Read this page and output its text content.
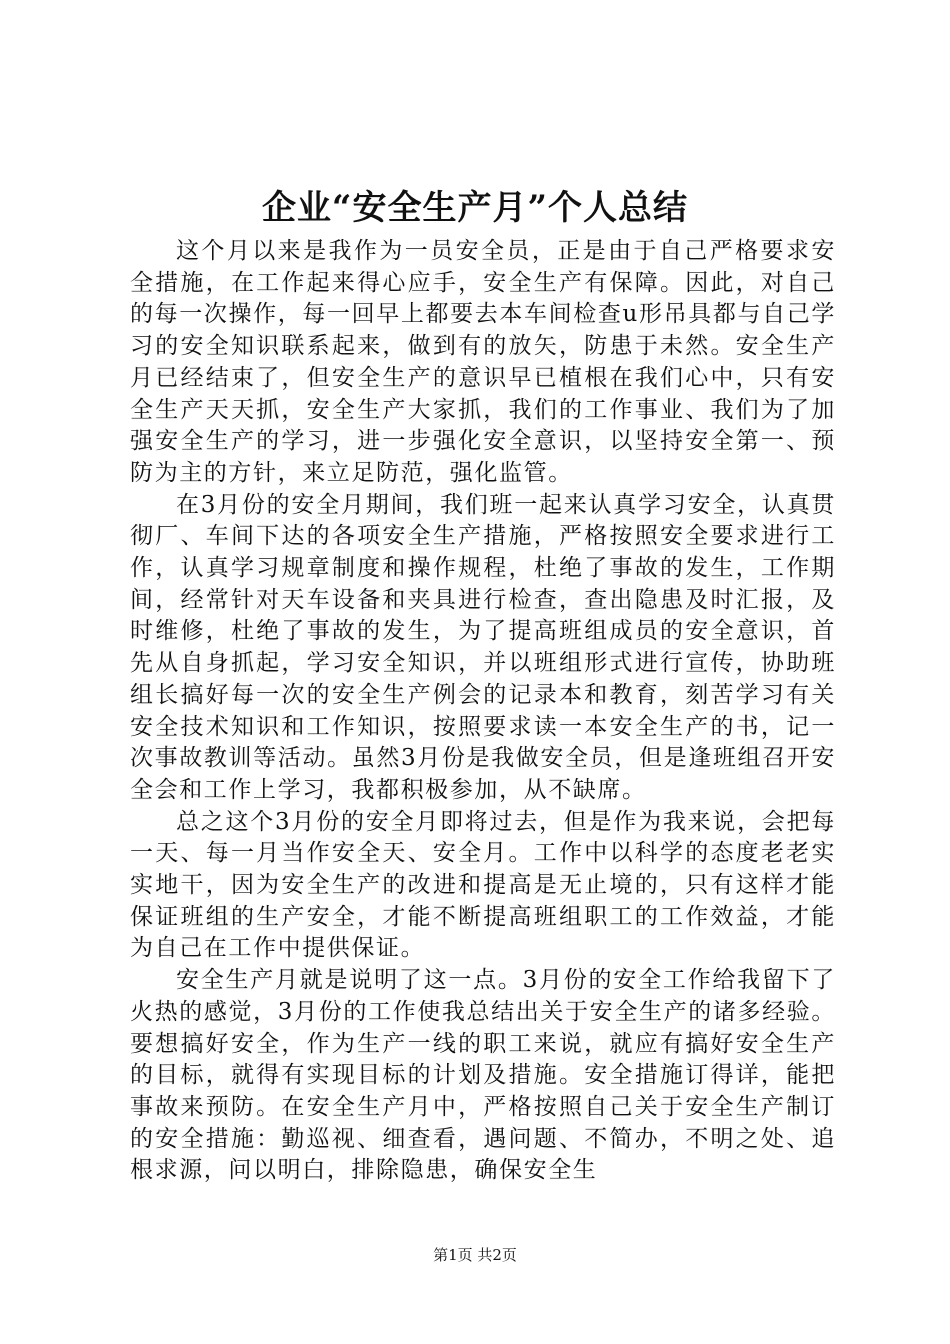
企业“安全生产月”个人总结

这个月以来是我作为一员安全员，正是由于自己严格要求安全措施，在工作起来得心应手，安全生产有保障。因此，对自己的每一次操作，每一回早上都要去本车间检查u形吊具都与自己学习的安全知识联系起来，做到有的放矢，防患于未然。安全生产月已经结束了，但安全生产的意识早已植根在我们心中，只有安全生产天天抓，安全生产大家抓，我们的工作事业、我们为了加强安全生产的学习，进一步强化安全意识，以坚持安全第一、预防为主的方针，来立足防范，强化监管。

在3月份的安全月期间，我们班一起来认真学习安全，认真贯彻厂、车间下达的各项安全生产措施，严格按照安全要求进行工作，认真学习规章制度和操作规程，杜绝了事故的发生，工作期间，经常针对天车设备和夹具进行检查，查出隐患及时汇报，及时维修，杜绝了事故的发生，为了提高班组成员的安全意识，首先从自身抓起，学习安全知识，并以班组形式进行宣传，协助班组长搞好每一次的安全生产例会的记录本和教育，刻苦学习有关安全技术知识和工作知识，按照要求读一本安全生产的书，记一次事故教训等活动。虽然3月份是我做安全员，但是逢班组召开安全会和工作上学习，我都积极参加，从不缺席。

总之这个3月份的安全月即将过去，但是作为我来说，会把每一天、每一月当作安全天、安全月。工作中以科学的态度老老实实地干，因为安全生产的改进和提高是无止境的，只有这样才能保证班组的生产安全，才能不断提高班组职工的工作效益，才能为自己在工作中提供保证。

安全生产月就是说明了这一点。3月份的安全工作给我留下了火热的感觉，3月份的工作使我总结出关于安全生产的诸多经验。要想搞好安全，作为生产一线的职工来说，就应有搞好安全生产的目标，就得有实现目标的计划及措施。安全措施订得详，能把事故来预防。在安全生产月中，严格按照自己关于安全生产制订的安全措施：勤巡视、细查看，遇问题、不简办，不明之处、追根求源，问以明白，排除隐患，确保安全生

第1页 共2页
